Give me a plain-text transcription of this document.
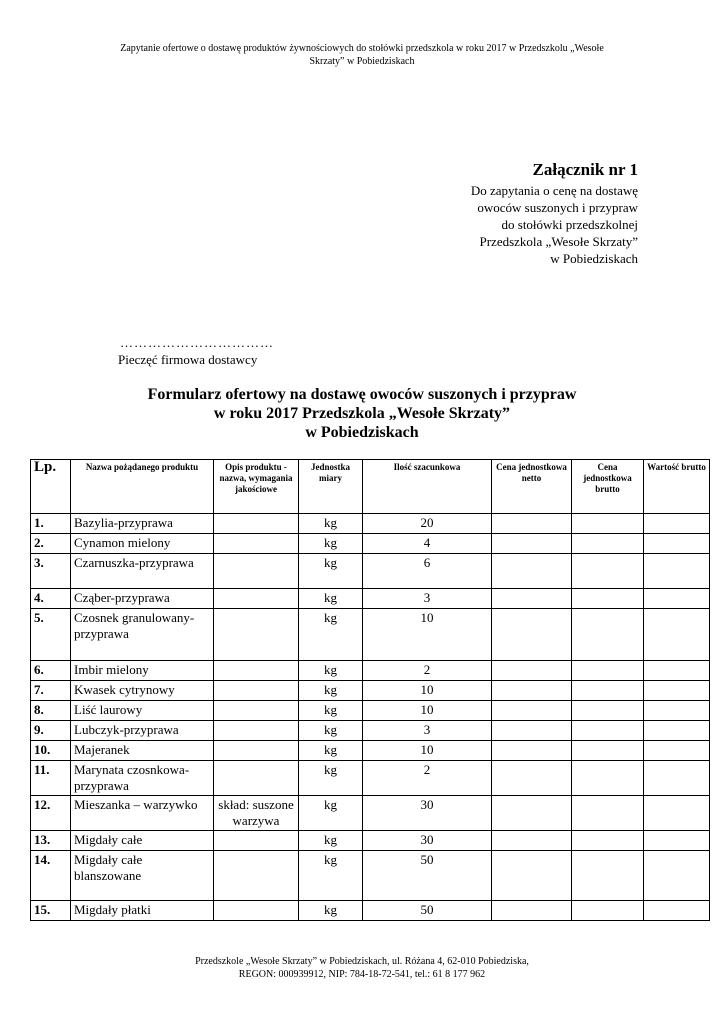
Zapytanie ofertowe o dostawę produktów żywnościowych do stołówki przedszkola w roku 2017 w Przedszkolu „Wesołe
Skrzaty” w Pobiedziskach
Załącznik nr 1
Do zapytania o cenę na dostawę
owoców suszonych i przypraw
do stołówki przedszkolnej
Przedszkola „Wesołe Skrzaty”
w Pobiedziskach
……………………………
Pieczęć firmowa dostawcy
Formularz ofertowy na dostawę owoców suszonych i przypraw
w roku 2017 Przedszkola „Wesołe Skrzaty”
w Pobiedziskach
Lp.	Nazwa pożądanego produktu	Opis produktu - nazwa, wymagania jakościowe	Jednostka miary	Ilość szacunkowa	Cena jednostkowa netto	Cena jednostkowa brutto	Wartość brutto
1.	Bazylia-przyprawa		kg	20			
2.	Cynamon mielony		kg	4			
3.	Czarnuszka-przyprawa		kg	6			
4.	Cząber-przyprawa		kg	3			
5.	Czosnek granulowany-przyprawa		kg	10			
6.	Imbir mielony		kg	2			
7.	Kwasek cytrynowy		kg	10			
8.	Liść laurowy		kg	10			
9.	Lubczyk-przyprawa		kg	3			
10.	Majeranek		kg	10			
11.	Marynata czosnkowa-przyprawa		kg	2			
12.	Mieszanka – warzywko	skład: suszone warzywa	kg	30			
13.	Migdały całe		kg	30			
14.	Migdały całe blanszowane		kg	50			
15.	Migdały płatki		kg	50			
Przedszkole „Wesołe Skrzaty” w Pobiedziskach, ul. Różana 4, 62-010 Pobiedziska,
REGON: 000939912, NIP: 784-18-72-541, tel.: 61 8 177 962
